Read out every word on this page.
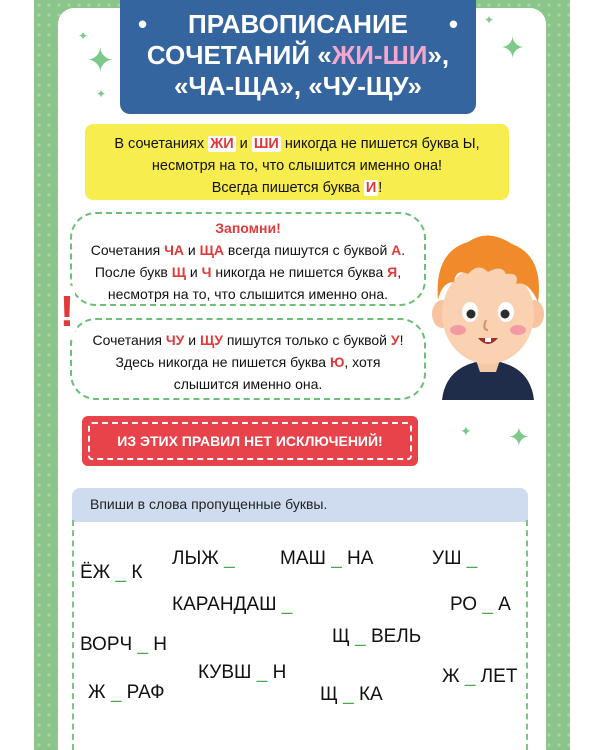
✦
✦
✦
✦
✦
✦
✦
•	•
ПРАВОПИСАНИЕ
СОЧЕТАНИЙ «ЖИ-ШИ»,
«ЧА-ЩА», «ЧУ-ЩУ»
В сочетаниях ЖИ и ШИ никогда не пишется буква Ы,
несмотря на то, что слышится именно она!
Всегда пишется буква И !
Запомни!
Сочетания ЧА и ЩА всегда пишутся с буквой А.
После букв Щ и Ч никогда не пишется буква Я,
несмотря на то, что слышится именно она.
Сочетания ЧУ и ЩУ пишутся только с буквой У!
Здесь никогда не пишется буква Ю, хотя
слышится именно она.
!
ИЗ ЭТИХ ПРАВИЛ НЕТ ИСКЛЮЧЕНИЙ!
Впиши в слова пропущенные буквы.
ЁЖ _ К
ЛЫЖ _ МАШ _ НА	УШ _
КАРАНДАШ _	РО _ А
ВОРЧ _ Н	Щ _ ВЕЛЬ
КУВШ _ Н
Ж _ РАФ	Щ _ КА
Ж _ ЛЕТ
